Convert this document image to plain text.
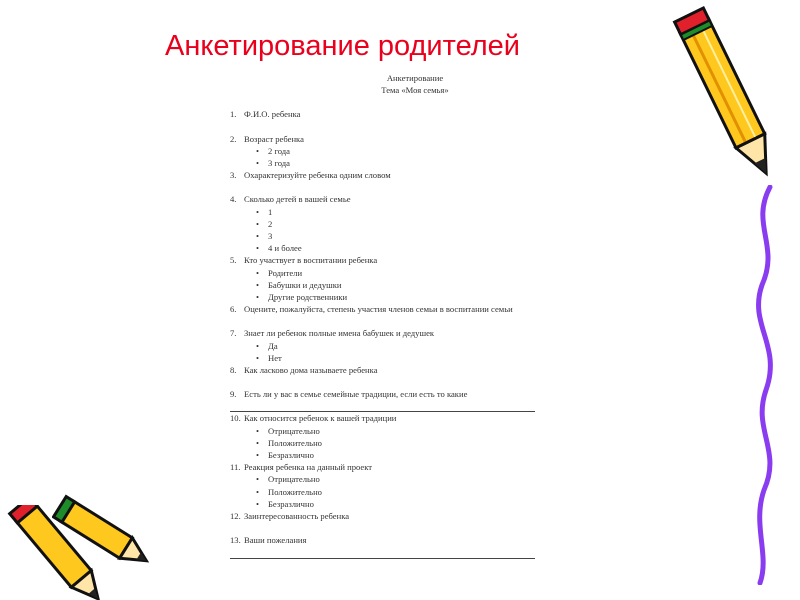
Анкетирование родителей
Анкетирование
Тема «Моя семья»
1. Ф.И.О. ребенка
2. Возраст ребенка
• 2 года
• 3 года
3. Охарактеризуйте ребенка одним словом
4. Сколько детей в вашей семье
• 1
• 2
• 3
• 4 и более
5. Кто участвует в воспитании ребенка
• Родители
• Бабушки и дедушки
• Другие родственники
6. Оцените, пожалуйста, степень участия членов семьи в воспитании семьи
7. Знает ли ребенок полные имена бабушек и дедушек
• Да
• Нет
8. Как ласково дома называете ребенка
9. Есть ли у вас в семье семейные традиции, если есть то какие
10. Как относится ребенок к вашей традиции
• Отрицательно
• Положительно
• Безразлично
11. Реакция ребенка на данный проект
• Отрицательно
• Положительно
• Безразлично
12. Заинтересованность ребенка
13. Ваши пожелания
